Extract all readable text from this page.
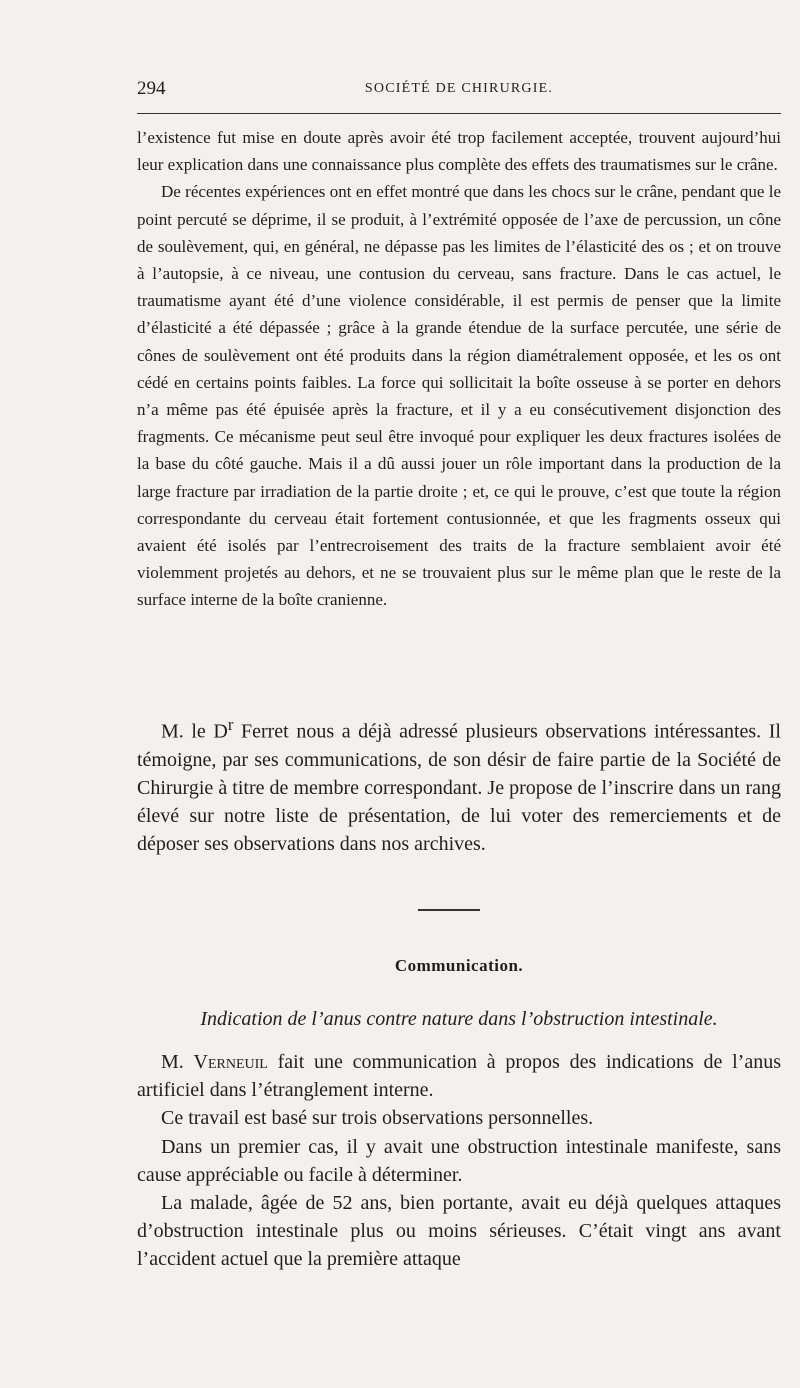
294	SOCIÉTÉ DE CHIRURGIE.

l’existence fut mise en doute après avoir été trop facilement acceptée, trouvent aujourd’hui leur explication dans une connaissance plus complète des effets des traumatismes sur le crâne.

De récentes expériences ont en effet montré que dans les chocs sur le crâne, pendant que le point percuté se déprime, il se produit, à l’extrémité opposée de l’axe de percussion, un cône de soulèvement, qui, en général, ne dépasse pas les limites de l’élasticité des os ; et on trouve à l’autopsie, à ce niveau, une contusion du cerveau, sans fracture. Dans le cas actuel, le traumatisme ayant été d’une violence considérable, il est permis de penser que la limite d’élasticité a été dépassée ; grâce à la grande étendue de la surface percutée, une série de cônes de soulèvement ont été produits dans la région diamétralement opposée, et les os ont cédé en certains points faibles. La force qui sollicitait la boîte osseuse à se porter en dehors n’a même pas été épuisée après la fracture, et il y a eu consécutivement disjonction des fragments. Ce mécanisme peut seul être invoqué pour expliquer les deux fractures isolées de la base du côté gauche. Mais il a dû aussi jouer un rôle important dans la production de la large fracture par irradiation de la partie droite ; et, ce qui le prouve, c’est que toute la région correspondante du cerveau était fortement contusionnée, et que les fragments osseux qui avaient été isolés par l’entrecroisement des traits de la fracture semblaient avoir été violemment projetés au dehors, et ne se trouvaient plus sur le même plan que le reste de la surface interne de la boîte cranienne.

M. le $D^r$ Ferret nous a déjà adressé plusieurs observations intéressantes. Il témoigne, par ses communications, de son désir de faire partie de la Société de Chirurgie à titre de membre correspondant. Je propose de l’inscrire dans un rang élevé sur notre liste de présentation, de lui voter des remerciements et de déposer ses observations dans nos archives.

Communication.
Indication de l’anus contre nature dans l’obstruction intestinale.

M. Verneuil fait une communication à propos des indications de l’anus artificiel dans l’étranglement interne.

Ce travail est basé sur trois observations personnelles.

Dans un premier cas, il y avait une obstruction intestinale manifeste, sans cause appréciable ou facile à déterminer.

La malade, âgée de 52 ans, bien portante, avait eu déjà quelques attaques d’obstruction intestinale plus ou moins sérieuses. C’était vingt ans avant l’accident actuel que la première attaque
